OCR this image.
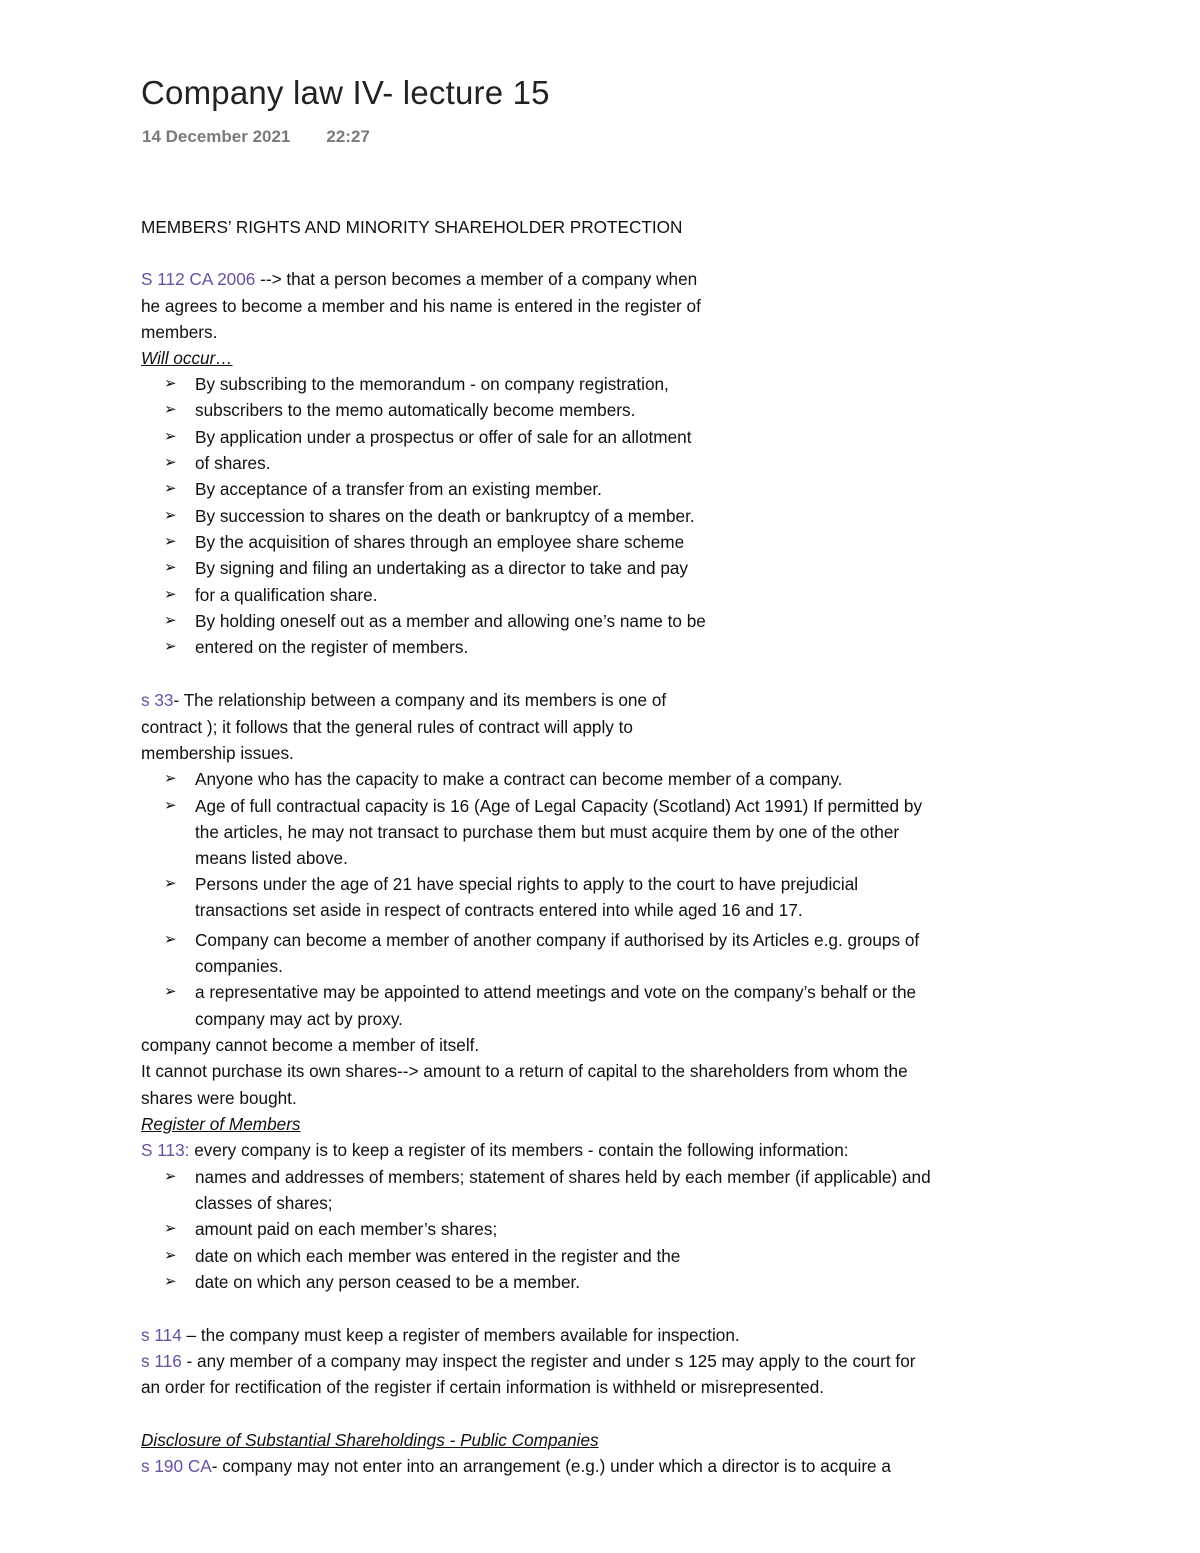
Company law IV- lecture 15
14 December 2021 22:27
MEMBERS’ RIGHTS AND MINORITY SHAREHOLDER PROTECTION
S 112 CA 2006 --> that a person becomes a member of a company when
he agrees to become a member and his name is entered in the register of
members.
Will occur…
➢ By subscribing to the memorandum - on company registration,
➢ subscribers to the memo automatically become members.
➢ By application under a prospectus or offer of sale for an allotment
➢ of shares.
➢ By acceptance of a transfer from an existing member.
➢ By succession to shares on the death or bankruptcy of a member.
➢ By the acquisition of shares through an employee share scheme
➢ By signing and filing an undertaking as a director to take and pay
➢ for a qualification share.
➢ By holding oneself out as a member and allowing one’s name to be
➢ entered on the register of members.
s 33- The relationship between a company and its members is one of
contract ); it follows that the general rules of contract will apply to
membership issues.
➢ Anyone who has the capacity to make a contract can become member of a company.
➢ Age of full contractual capacity is 16 (Age of Legal Capacity (Scotland) Act 1991) If permitted by
the articles, he may not transact to purchase them but must acquire them by one of the other
means listed above.
➢ Persons under the age of 21 have special rights to apply to the court to have prejudicial
transactions set aside in respect of contracts entered into while aged 16 and 17.
➢ Company can become a member of another company if authorised by its Articles e.g. groups of
companies.
➢ a representative may be appointed to attend meetings and vote on the company’s behalf or the
company may act by proxy.
company cannot become a member of itself.
It cannot purchase its own shares--> amount to a return of capital to the shareholders from whom the
shares were bought.
Register of Members
S 113: every company is to keep a register of its members - contain the following information:
➢ names and addresses of members; statement of shares held by each member (if applicable) and
classes of shares;
➢ amount paid on each member’s shares;
➢ date on which each member was entered in the register and the
➢ date on which any person ceased to be a member.
s 114 – the company must keep a register of members available for inspection.
s 116 - any member of a company may inspect the register and under s 125 may apply to the court for
an order for rectification of the register if certain information is withheld or misrepresented.
Disclosure of Substantial Shareholdings - Public Companies
s 190 CA- company may not enter into an arrangement (e.g.) under which a director is to acquire a
